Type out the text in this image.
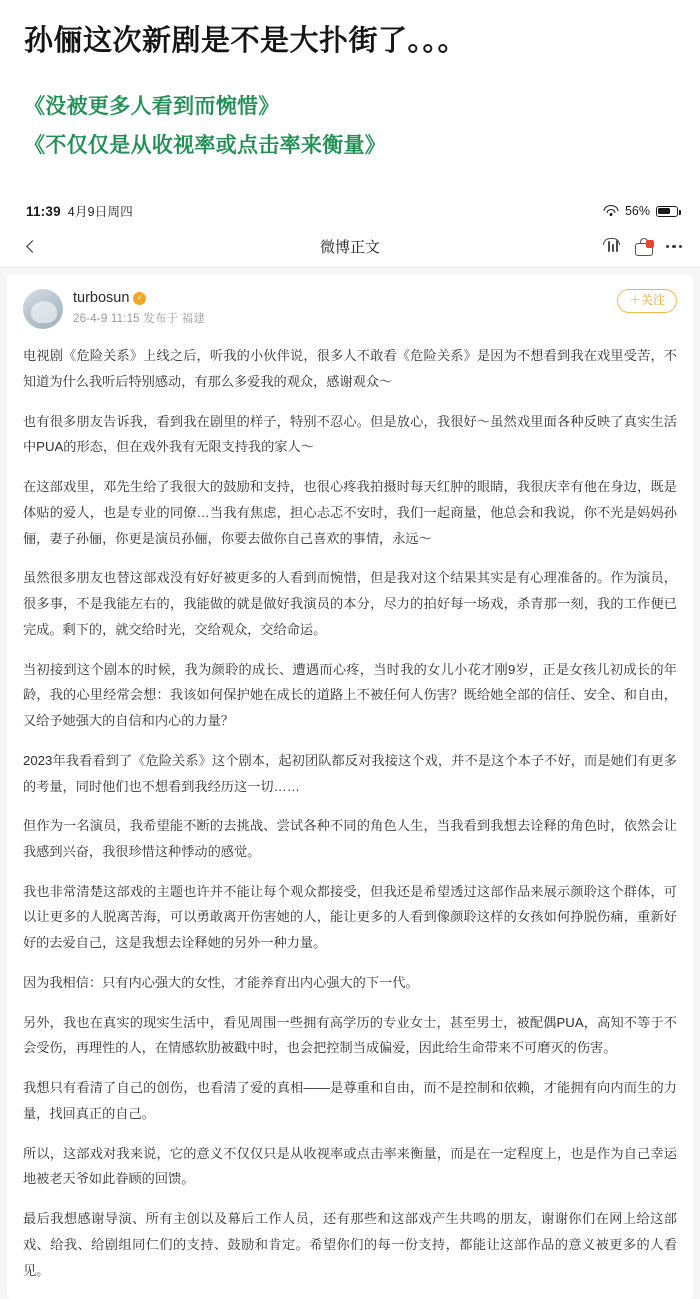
孙俪这次新剧是不是大扑街了。。。
《没被更多人看到而惋惜》
《不仅仅是从收视率或点击率来衡量》
11:39 4月9日周四	56%
微博正文
turbosun ✓
26-4-9 11:15 发布于 福建
＋关注

电视剧《危险关系》上线之后，听我的小伙伴说，很多人不敢看《危险关系》是因为不想看到我在戏里受苦，不知道为什么我听后特别感动，有那么多爱我的观众，感谢观众～

也有很多朋友告诉我，看到我在剧里的样子，特别不忍心。但是放心，我很好～虽然戏里面各种反映了真实生活中PUA的形态，但在戏外我有无限支持我的家人～

在这部戏里，邓先生给了我很大的鼓励和支持，也很心疼我拍摄时每天红肿的眼睛，我很庆幸有他在身边，既是体贴的爱人，也是专业的同僚…当我有焦虑，担心忐忑不安时，我们一起商量，他总会和我说，你不光是妈妈孙俪，妻子孙俪，你更是演员孙俪，你要去做你自己喜欢的事情，永远～

虽然很多朋友也替这部戏没有好好被更多的人看到而惋惜，但是我对这个结果其实是有心理准备的。作为演员，很多事，不是我能左右的，我能做的就是做好我演员的本分，尽力的拍好每一场戏，杀青那一刻，我的工作便已完成。剩下的，就交给时光，交给观众，交给命运。

当初接到这个剧本的时候，我为颜聆的成长、遭遇而心疼，当时我的女儿小花才刚9岁，正是女孩儿初成长的年龄，我的心里经常会想：我该如何保护她在成长的道路上不被任何人伤害？既给她全部的信任、安全、和自由，又给予她强大的自信和内心的力量？

2023年我看看到了《危险关系》这个剧本，起初团队都反对我接这个戏，并不是这个本子不好，而是她们有更多的考量，同时他们也不想看到我经历这一切……

但作为一名演员，我希望能不断的去挑战、尝试各种不同的角色人生，当我看到我想去诠释的角色时，依然会让我感到兴奋，我很珍惜这种悸动的感觉。

我也非常清楚这部戏的主题也许并不能让每个观众都接受，但我还是希望透过这部作品来展示颜聆这个群体，可以让更多的人脱离苦海，可以勇敢离开伤害她的人，能让更多的人看到像颜聆这样的女孩如何挣脱伤痛，重新好好的去爱自己，这是我想去诠释她的另外一种力量。

因为我相信：只有内心强大的女性，才能养育出内心强大的下一代。

另外，我也在真实的现实生活中，看见周围一些拥有高学历的专业女士，甚至男士，被配偶PUA，高知不等于不会受伤，再理性的人，在情感软肋被戳中时，也会把控制当成偏爱，因此给生命带来不可磨灭的伤害。

我想只有看清了自己的创伤，也看清了爱的真相——是尊重和自由，而不是控制和依赖，才能拥有向内而生的力量，找回真正的自己。

所以，这部戏对我来说，它的意义不仅仅只是从收视率或点击率来衡量，而是在一定程度上，也是作为自己幸运地被老天爷如此眷顾的回馈。

最后我想感谢导演、所有主创以及幕后工作人员，还有那些和这部戏产生共鸣的朋友，谢谢你们在网上给这部戏、给我、给剧组同仁们的支持、鼓励和肯定。希望你们的每一份支持，都能让这部作品的意义被更多的人看见。
